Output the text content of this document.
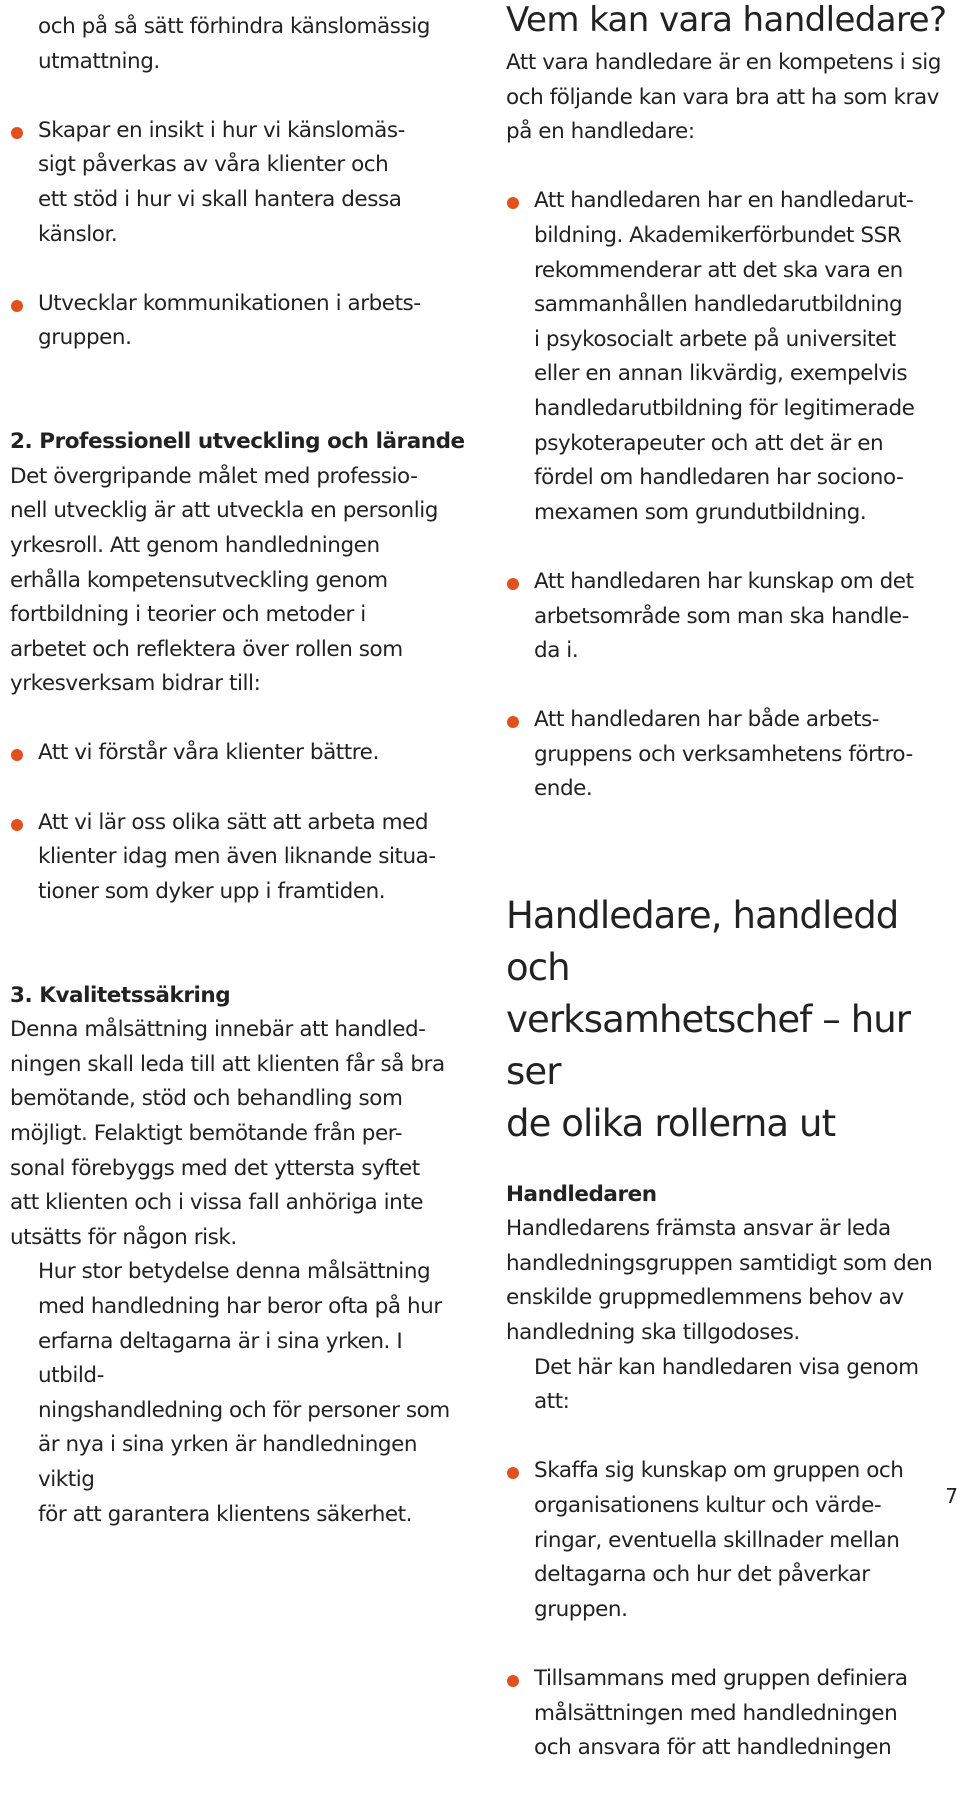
och på så sätt förhindra känslomässig
utmattning.

Skapar en insikt i hur vi känslomäs-
sigt påverkas av våra klienter och
ett stöd i hur vi skall hantera dessa
känslor.

Utvecklar kommunikationen i arbets-
gruppen.

2. Professionell utveckling och lärande

Det övergripande målet med professio-
nell utvecklig är att utveckla en personlig
yrkesroll. Att genom handledningen
erhålla kompetensutveckling genom
fortbildning i teorier och metoder i
arbetet och reflektera över rollen som
yrkesverksam bidrar till:

Att vi förstår våra klienter bättre.

Att vi lär oss olika sätt att arbeta med
klienter idag men även liknande situa-
tioner som dyker upp i framtiden.

3. Kvalitetssäkring

Denna målsättning innebär att handled-
ningen skall leda till att klienten får så bra
bemötande, stöd och behandling som
möjligt. Felaktigt bemötande från per-
sonal förebyggs med det yttersta syftet
att klienten och i vissa fall anhöriga inte
utsätts för någon risk.

Hur stor betydelse denna målsättning
med handledning har beror ofta på hur
erfarna deltagarna är i sina yrken. I utbild-
ningshandledning och för personer som
är nya i sina yrken är handledningen viktig
för att garantera klientens säkerhet.

Vem kan vara handledare?

Att vara handledare är en kompetens i sig
och följande kan vara bra att ha som krav
på en handledare:

Att handledaren har en handledarut-
bildning. Akademikerförbundet SSR
rekommenderar att det ska vara en
sammanhållen handledarutbildning
i psykosocialt arbete på universitet
eller en annan likvärdig, exempelvis
handledarutbildning för legitimerade
psykoterapeuter och att det är en
fördel om handledaren har sociono-
mexamen som grundutbildning.

Att handledaren har kunskap om det
arbetsområde som man ska handle-
da i.

Att handledaren har både arbets-
gruppens och verksamhetens förtro-
ende.

Handledare, handledd och
verksamhetschef – hur ser
de olika rollerna ut

Handledaren

Handledarens främsta ansvar är leda
handledningsgruppen samtidigt som den
enskilde gruppmedlemmens behov av
handledning ska tillgodoses.

Det här kan handledaren visa genom att:

Skaffa sig kunskap om gruppen och
organisationens kultur och värde-
ringar, eventuella skillnader mellan
deltagarna och hur det påverkar
gruppen.

Tillsammans med gruppen definiera
målsättningen med handledningen
och ansvara för att handledningen

7
